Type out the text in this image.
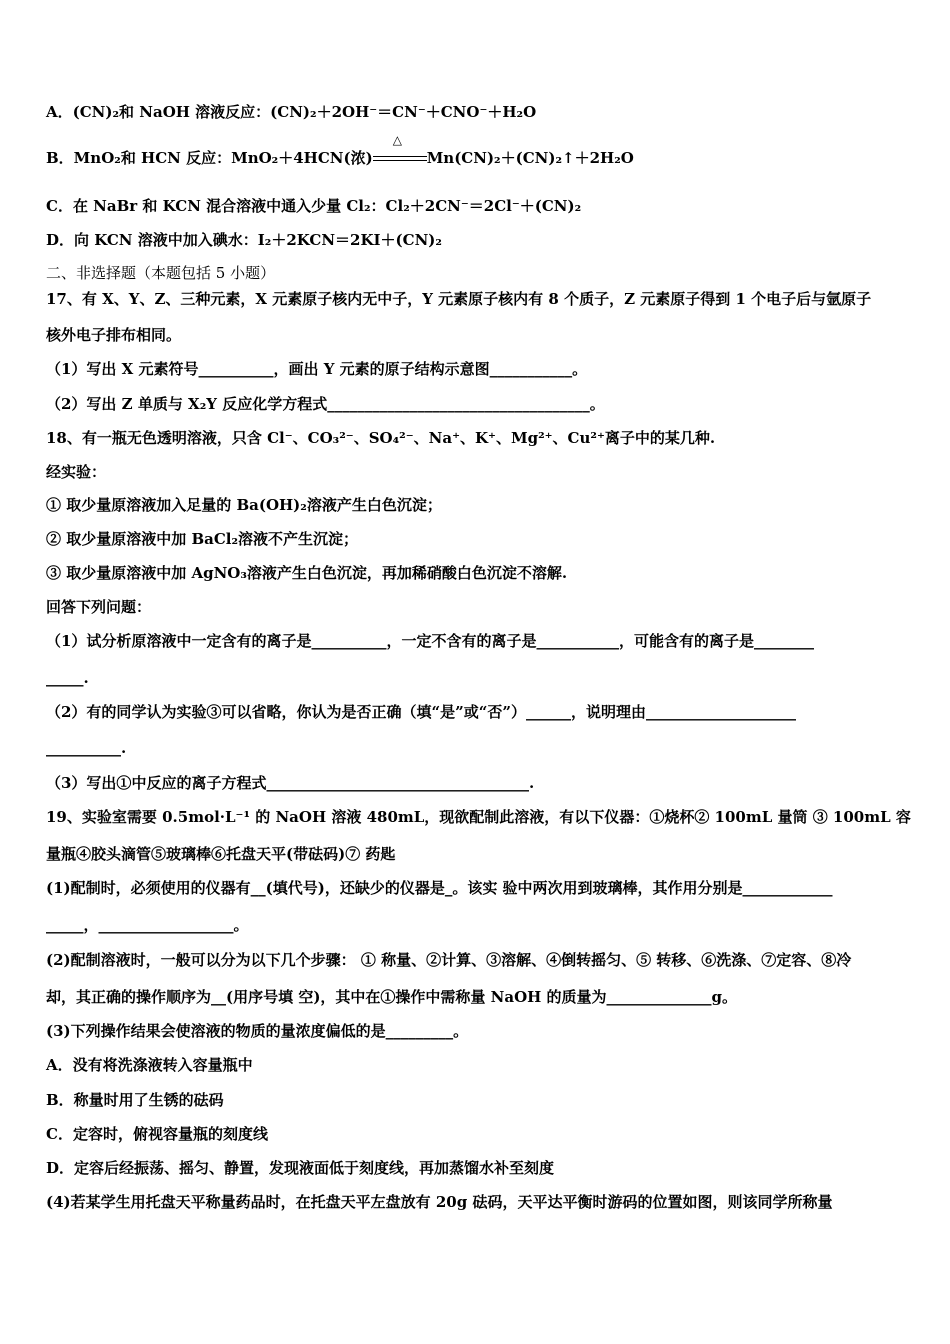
A．(CN)₂和 NaOH 溶液反应：(CN)₂＋2OH⁻＝CN⁻＋CNO⁻＋H₂O
B．MnO₂和 HCN 反应：MnO₂＋4HCN(浓)
△
Mn(CN)₂＋(CN)₂↑＋2H₂O
C．在 NaBr 和 KCN 混合溶液中通入少量 Cl₂：Cl₂＋2CN⁻＝2Cl⁻＋(CN)₂
D．向 KCN 溶液中加入碘水：I₂＋2KCN＝2KI＋(CN)₂
二、非选择题（本题包括 5 小题）
17、有 X、Y、Z、三种元素，X 元素原子核内无中子，Y 元素原子核内有 8 个质子，Z 元素原子得到 1 个电子后与氩原子
核外电子排布相同。
（1）写出 X 元素符号__________，画出 Y 元素的原子结构示意图___________。
（2）写出 Z 单质与 X₂Y 反应化学方程式___________________________________。
18、有一瓶无色透明溶液，只含 Cl⁻、CO₃²⁻、SO₄²⁻、Na⁺、K⁺、Mg²⁺、Cu²⁺离子中的某几种.
经实验：
① 取少量原溶液加入足量的 Ba(OH)₂溶液产生白色沉淀；
② 取少量原溶液中加 BaCl₂溶液不产生沉淀；
③ 取少量原溶液中加 AgNO₃溶液产生白色沉淀，再加稀硝酸白色沉淀不溶解.
回答下列问题：
（1）试分析原溶液中一定含有的离子是__________，一定不含有的离子是___________，可能含有的离子是________
_____.
（2）有的同学认为实验③可以省略，你认为是否正确（填“是”或“否”）______，说明理由____________________
__________.
（3）写出①中反应的离子方程式___________________________________.
19、实验室需要 0.5mol·L⁻¹ 的 NaOH 溶液 480mL，现欲配制此溶液，有以下仪器：①烧杯② 100mL 量筒 ③ 100mL 容
量瓶④胶头滴管⑤玻璃棒⑥托盘天平(带砝码)⑦ 药匙
(1)配制时，必须使用的仪器有__(填代号)，还缺少的仪器是_。该实 验中两次用到玻璃棒，其作用分别是____________
_____，__________________。
(2)配制溶液时，一般可以分为以下几个步骤： ① 称量、②计算、③溶解、④倒转摇匀、⑤ 转移、⑥洗涤、⑦定容、⑧冷
却，其正确的操作顺序为__(用序号填 空)，其中在①操作中需称量 NaOH 的质量为______________g。
(3)下列操作结果会使溶液的物质的量浓度偏低的是_________。
A．没有将洗涤液转入容量瓶中
B．称量时用了生锈的砝码
C．定容时，俯视容量瓶的刻度线
D．定容后经振荡、摇匀、静置，发现液面低于刻度线，再加蒸馏水补至刻度
(4)若某学生用托盘天平称量药品时，在托盘天平左盘放有 20g 砝码，天平达平衡时游码的位置如图，则该同学所称量
